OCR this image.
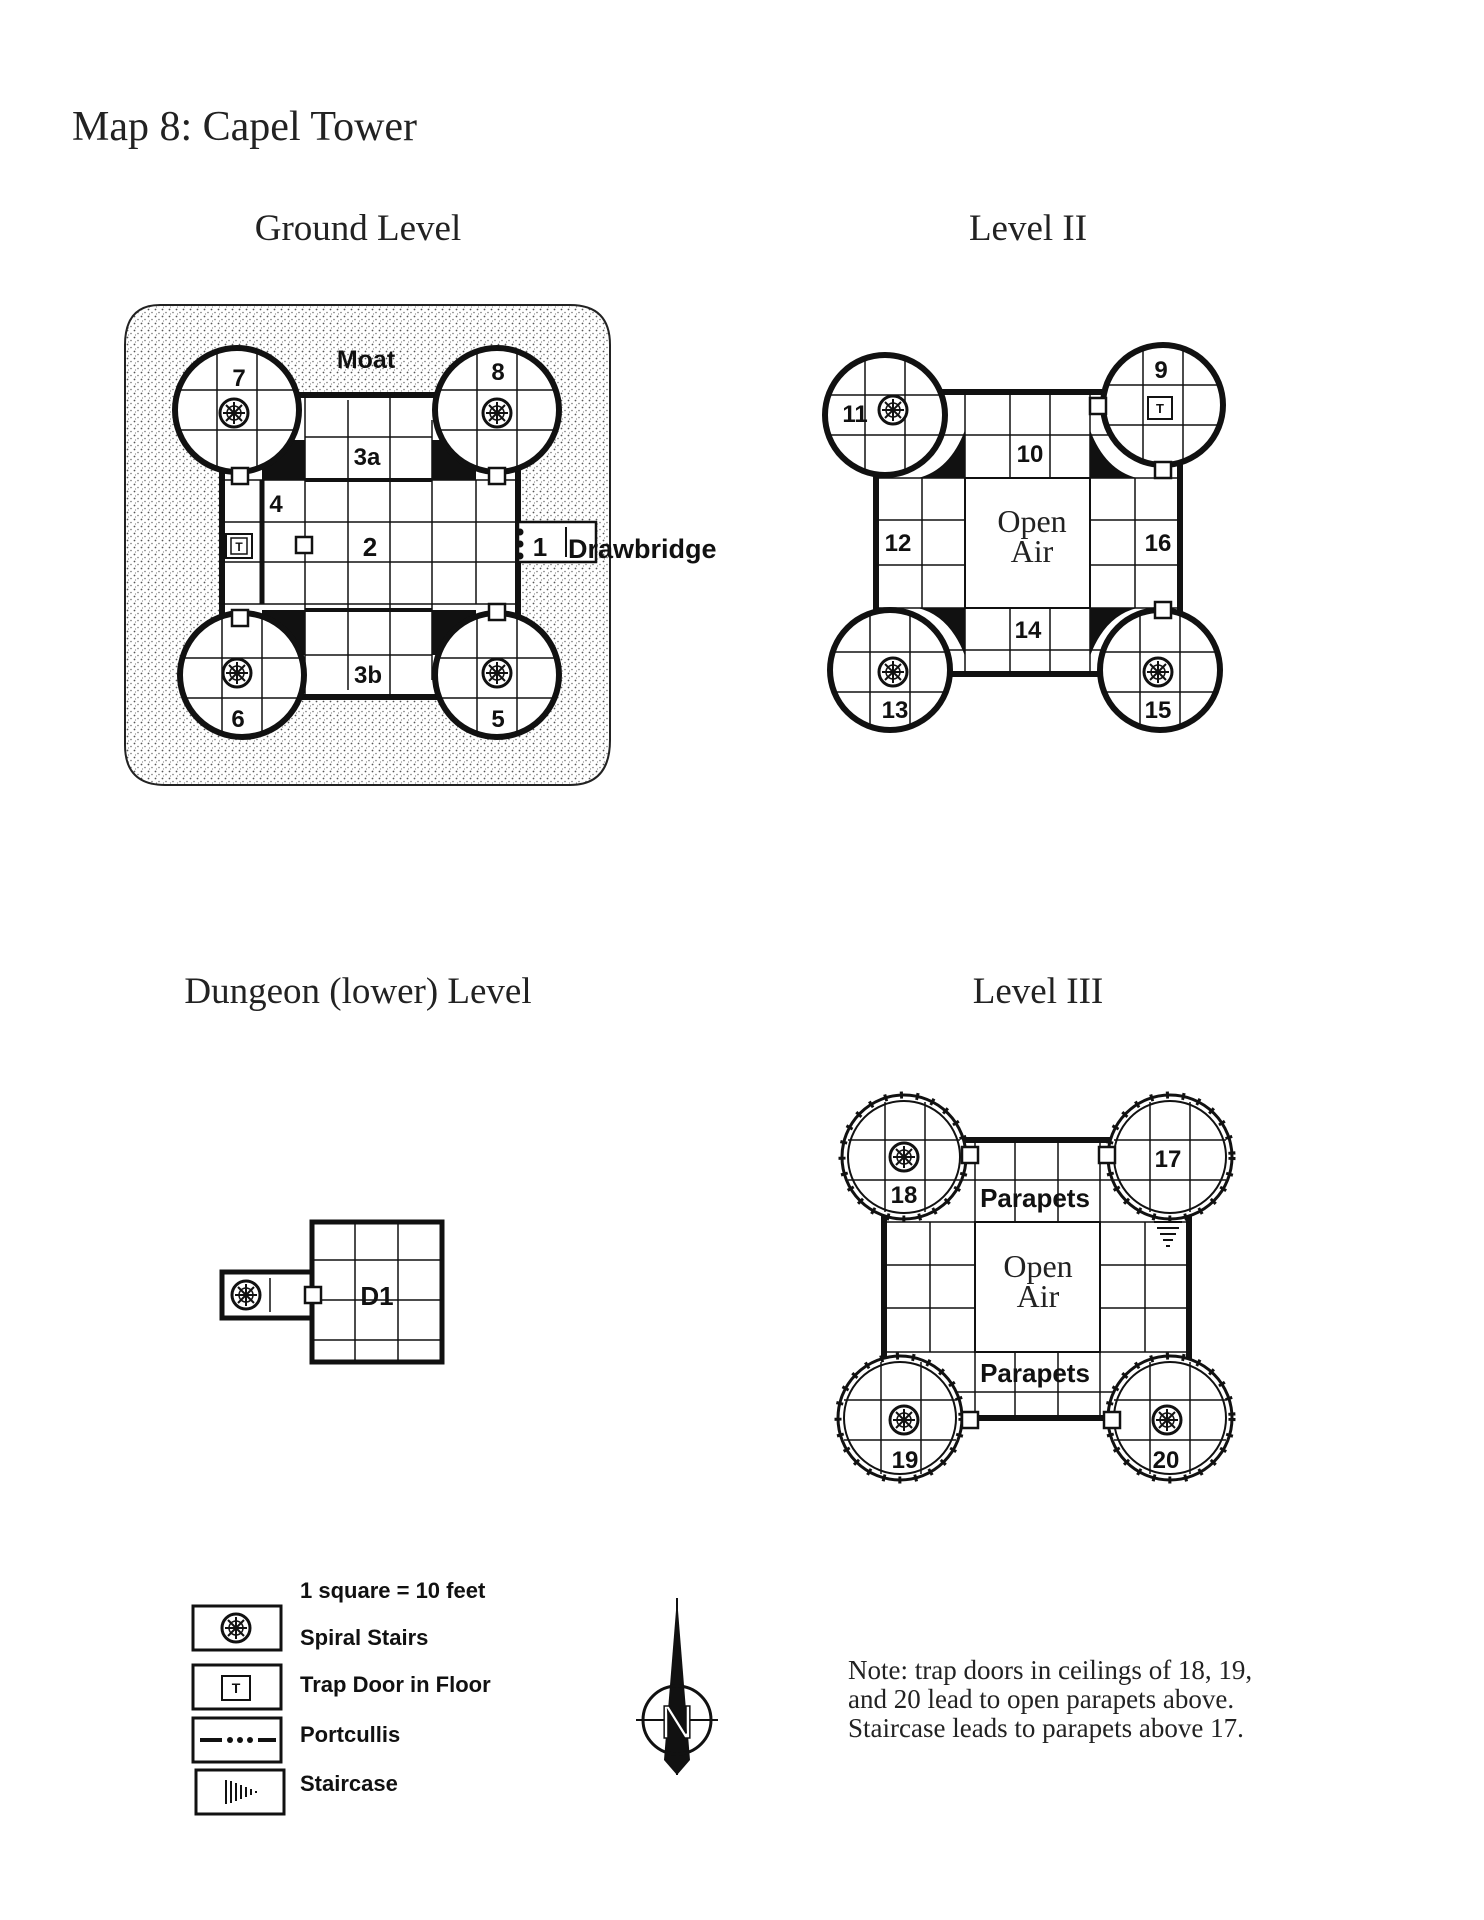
Map 8: Capel Tower
Ground Level
T
Moat
7	8
3a
4
2	1 Drawbridge
3b
6	5
Level II
T
9
11
10
12	16
14
13	15
Open
Air
Dungeon (lower) Level
D1
Level III
17
18 Parapets
Parapets
Open
Air
19	20
1 square = 10 feet
Spiral Stairs
T	Trap Door in Floor
Portcullis
Staircase
N
Note: trap doors in ceilings of 18, 19, and 20 lead to open parapets above. Staircase leads to parapets above 17.
